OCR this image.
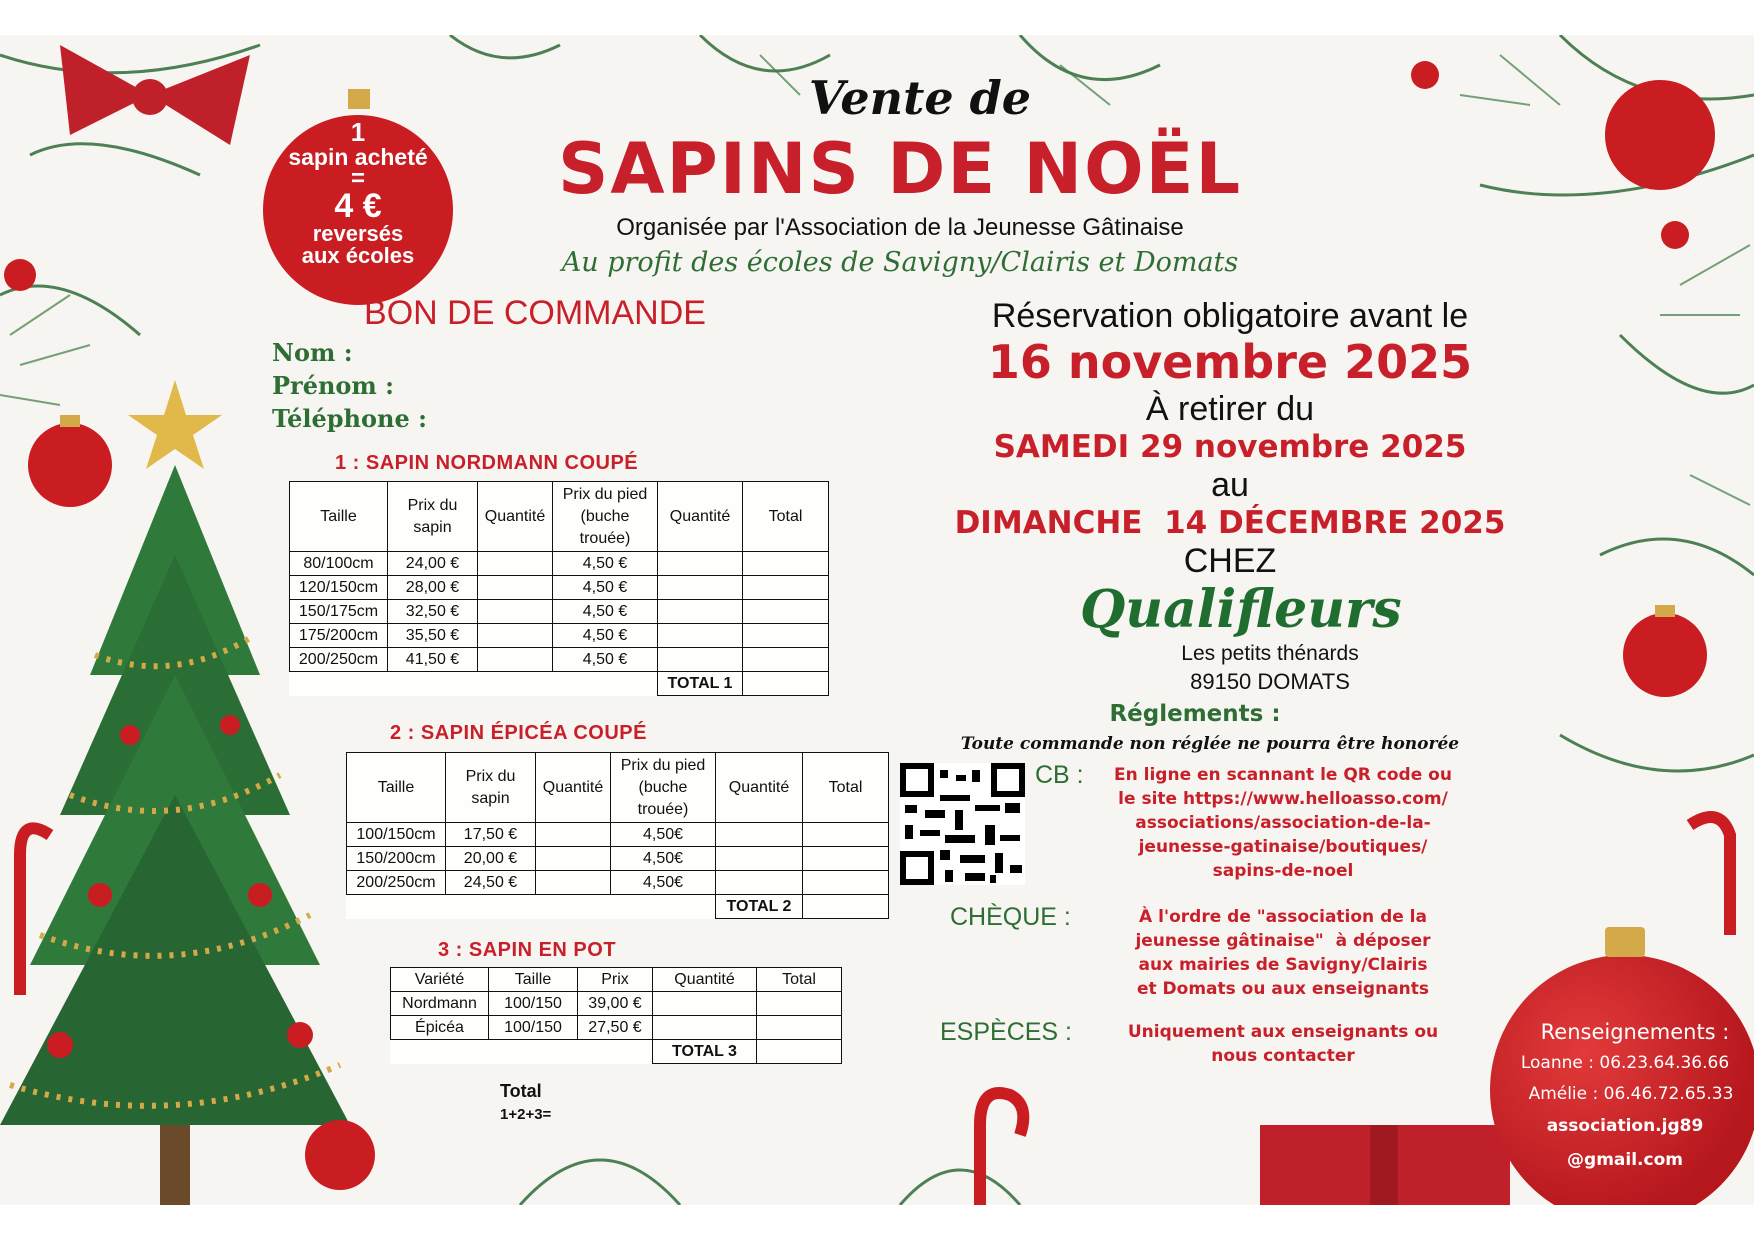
1
sapin acheté
=
4 €
reversés
aux écoles
Vente de
SAPINS DE NOËL
Organisée par l'Association de la Jeunesse Gâtinaise
Au profit des écoles de Savigny/Clairis et Domats
BON DE COMMANDE
Nom :
Prénom :
Téléphone :
1 : SAPIN NORDMANN COUPÉ
Taille	Prix du sapin	Quantité	Prix du pied (buche trouée)	Quantité	Total
80/100cm	24,00 €		4,50 €		
120/150cm	28,00 €		4,50 €		
150/175cm	32,50 €		4,50 €		
175/200cm	35,50 €		4,50 €		
200/250cm	41,50 €		4,50 €		
				TOTAL 1	
2 : SAPIN ÉPICÉA COUPÉ
Taille	Prix du sapin	Quantité	Prix du pied (buche trouée)	Quantité	Total
100/150cm	17,50 €		4,50€		
150/200cm	20,00 €		4,50€		
200/250cm	24,50 €		4,50€		
				TOTAL 2	
3 : SAPIN EN POT
Variété	Taille	Prix	Quantité	Total
Nordmann	100/150	39,00 €		
Épicéa	100/150	27,50 €		
			TOTAL 3	
Total
1+2+3=
Réservation obligatoire avant le
16 novembre 2025
À retirer du
SAMEDI 29 novembre 2025
au
DIMANCHE  14 DÉCEMBRE 2025
CHEZ
Qualifleurs
Les petits thénards
89150 DOMATS
Réglements :
Toute commande non réglée ne pourra être honorée
CB :	En ligne en scannant le QR code ou
le site https://www.helloasso.com/
associations/association-de-la-
jeunesse-gatinaise/boutiques/
sapins-de-noel
CHÈQUE :	À l'ordre de "association de la
jeunesse gâtinaise"  à déposer
aux mairies de Savigny/Clairis
et Domats ou aux enseignants
ESPÈCES :	Uniquement aux enseignants ou
nous contacter
Renseignements :
Loanne : 06.23.64.36.66
Amélie : 06.46.72.65.33
association.jg89
@gmail.com
